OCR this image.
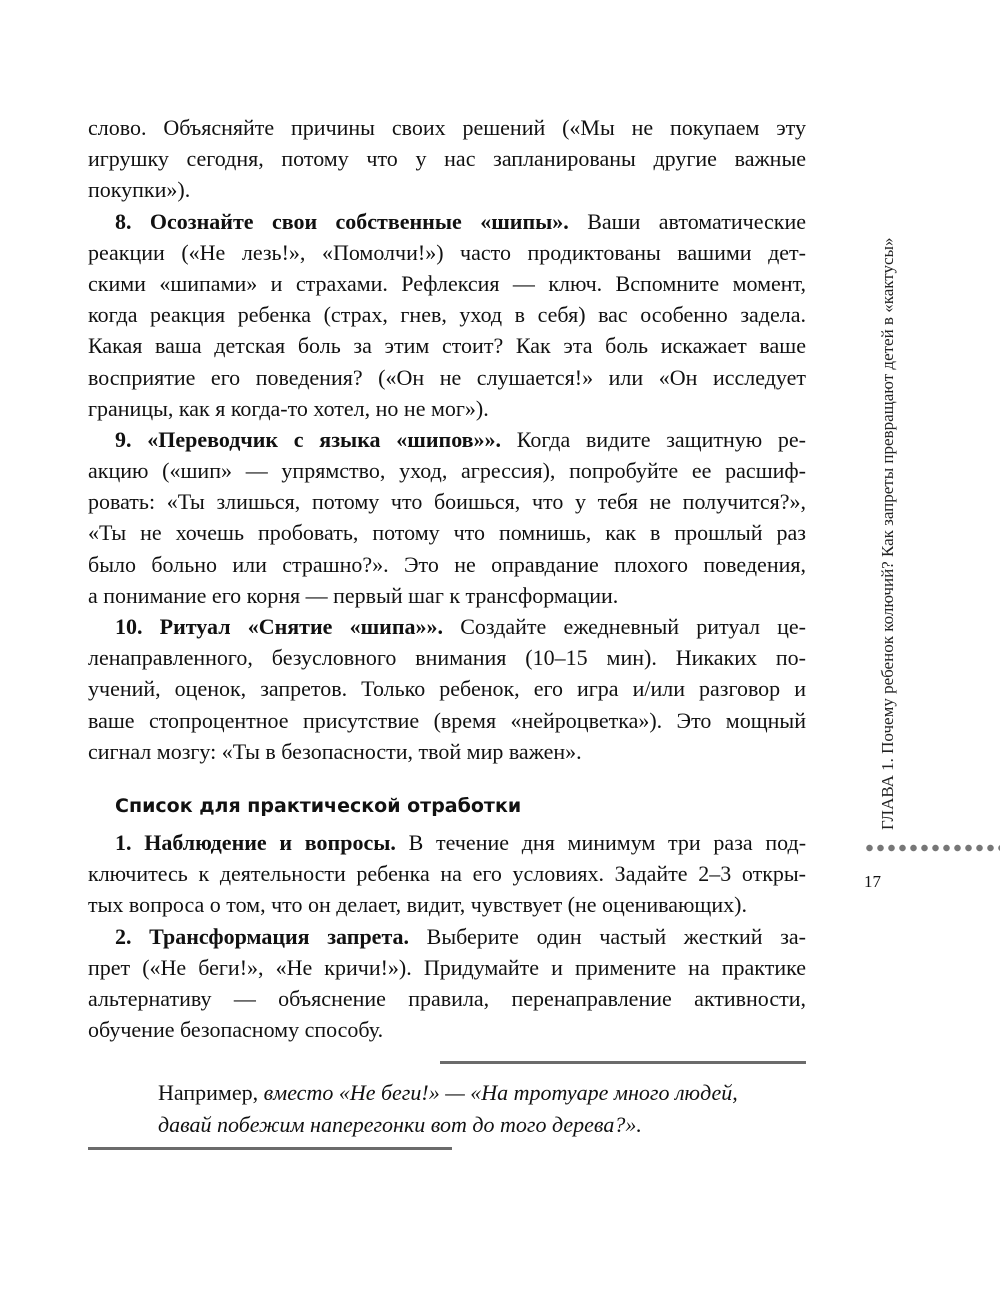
слово. Объясняйте причины своих решений («Мы не покупаем эту
игрушку сегодня, потому что у нас запланированы другие важные
покупки»).
8. Осознайте свои собственные «шипы». Ваши автоматические
реакции («Не лезь!», «Помолчи!») часто продиктованы вашими дет-
скими «шипами» и страхами. Рефлексия — ключ. Вспомните момент,
когда реакция ребенка (страх, гнев, уход в себя) вас особенно задела.
Какая ваша детская боль за этим стоит? Как эта боль искажает ваше
восприятие его поведения? («Он не слушается!» или «Он исследует
границы, как я когда-то хотел, но не мог»).
9. «Переводчик с языка «шипов»». Когда видите защитную ре-
акцию («шип» — упрямство, уход, агрессия), попробуйте ее расшиф-
ровать: «Ты злишься, потому что боишься, что у тебя не получится?»,
«Ты не хочешь пробовать, потому что помнишь, как в прошлый раз
было больно или страшно?». Это не оправдание плохого поведения,
а понимание его корня — первый шаг к трансформации.
10. Ритуал «Снятие «шипа»». Создайте ежедневный ритуал це-
ленаправленного, безусловного внимания (10–15 мин). Никаких по-
учений, оценок, запретов. Только ребенок, его игра и/или разговор и
ваше стопроцентное присутствие (время «нейроцветка»). Это мощный
сигнал мозгу: «Ты в безопасности, твой мир важен».
Список для практической отработки
1. Наблюдение и вопросы. В течение дня минимум три раза под-
ключитесь к деятельности ребенка на его условиях. Задайте 2–3 откры-
тых вопроса о том, что он делает, видит, чувствует (не оценивающих).
2. Трансформация запрета. Выберите один частый жесткий за-
прет («Не беги!», «Не кричи!»). Придумайте и примените на практике
альтернативу — объяснение правила, перенаправление активности,
обучение безопасному способу.
Например, вместо «Не беги!» — «На тротуаре много людей,
давай побежим наперегонки вот до того дерева?».
ГЛАВА 1. Почему ребенок колючий? Как запреты превращают детей в «кактусы»
17
